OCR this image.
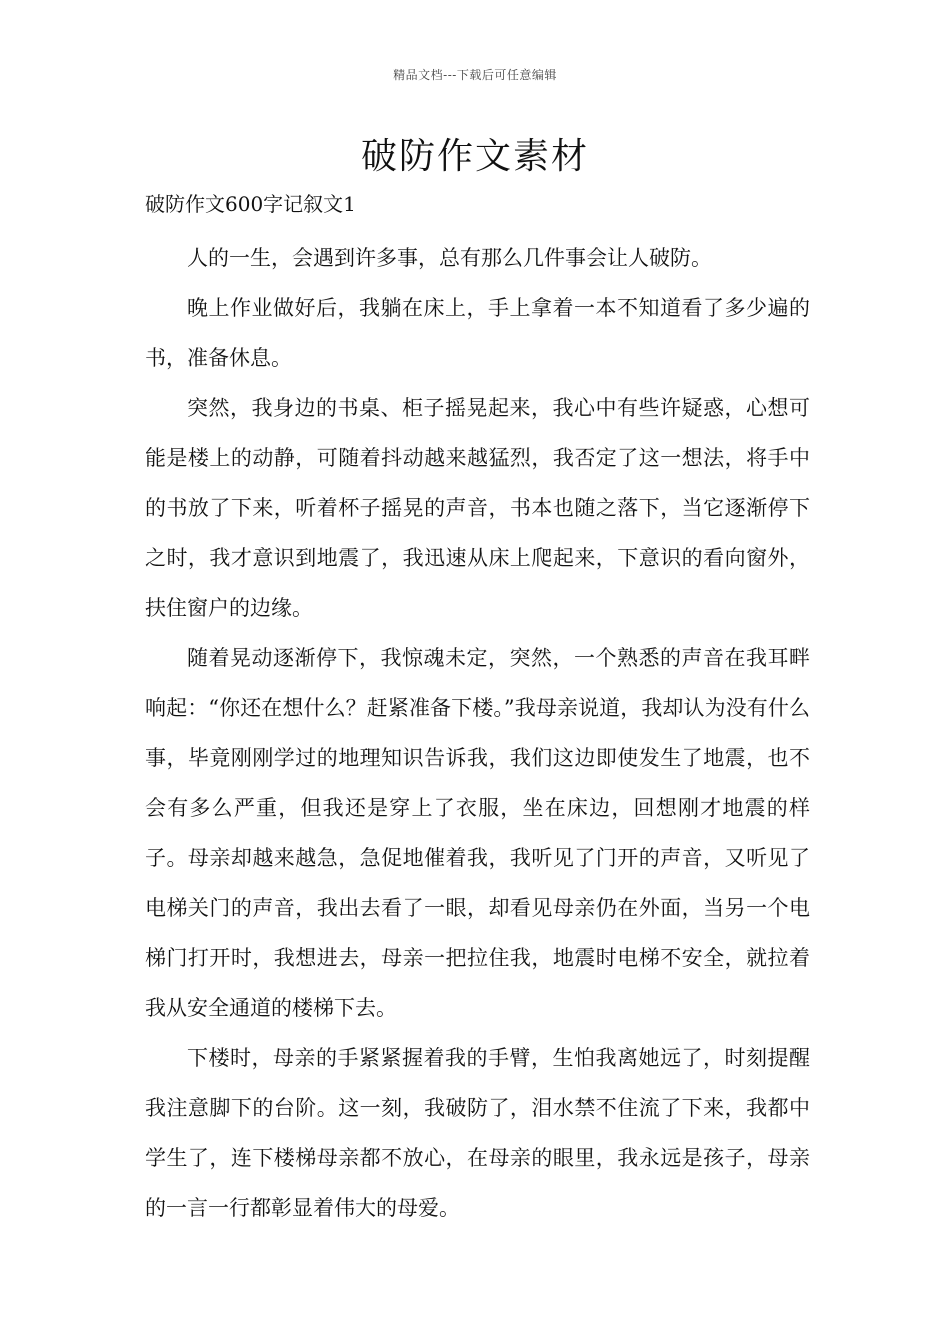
精品文档---下载后可任意编辑
破防作文素材

破防作文600字记叙文1

人的一生，会遇到许多事，总有那么几件事会让人破防。

晚上作业做好后，我躺在床上，手上拿着一本不知道看了多少遍的书，准备休息。

突然，我身边的书桌、柜子摇晃起来，我心中有些许疑惑，心想可能是楼上的动静，可随着抖动越来越猛烈，我否定了这一想法，将手中的书放了下来，听着杯子摇晃的声音，书本也随之落下，当它逐渐停下之时，我才意识到地震了，我迅速从床上爬起来，下意识的看向窗外，扶住窗户的边缘。

随着晃动逐渐停下，我惊魂未定，突然，一个熟悉的声音在我耳畔响起：“你还在想什么？赶紧准备下楼。”我母亲说道，我却认为没有什么事，毕竟刚刚学过的地理知识告诉我，我们这边即使发生了地震，也不会有多么严重，但我还是穿上了衣服，坐在床边，回想刚才地震的样子。母亲却越来越急，急促地催着我，我听见了门开的声音，又听见了电梯关门的声音，我出去看了一眼，却看见母亲仍在外面，当另一个电梯门打开时，我想进去，母亲一把拉住我，地震时电梯不安全，就拉着我从安全通道的楼梯下去。

下楼时，母亲的手紧紧握着我的手臂，生怕我离她远了，时刻提醒我注意脚下的台阶。这一刻，我破防了，泪水禁不住流了下来，我都中学生了，连下楼梯母亲都不放心，在母亲的眼里，我永远是孩子，母亲的一言一行都彰显着伟大的母爱。
